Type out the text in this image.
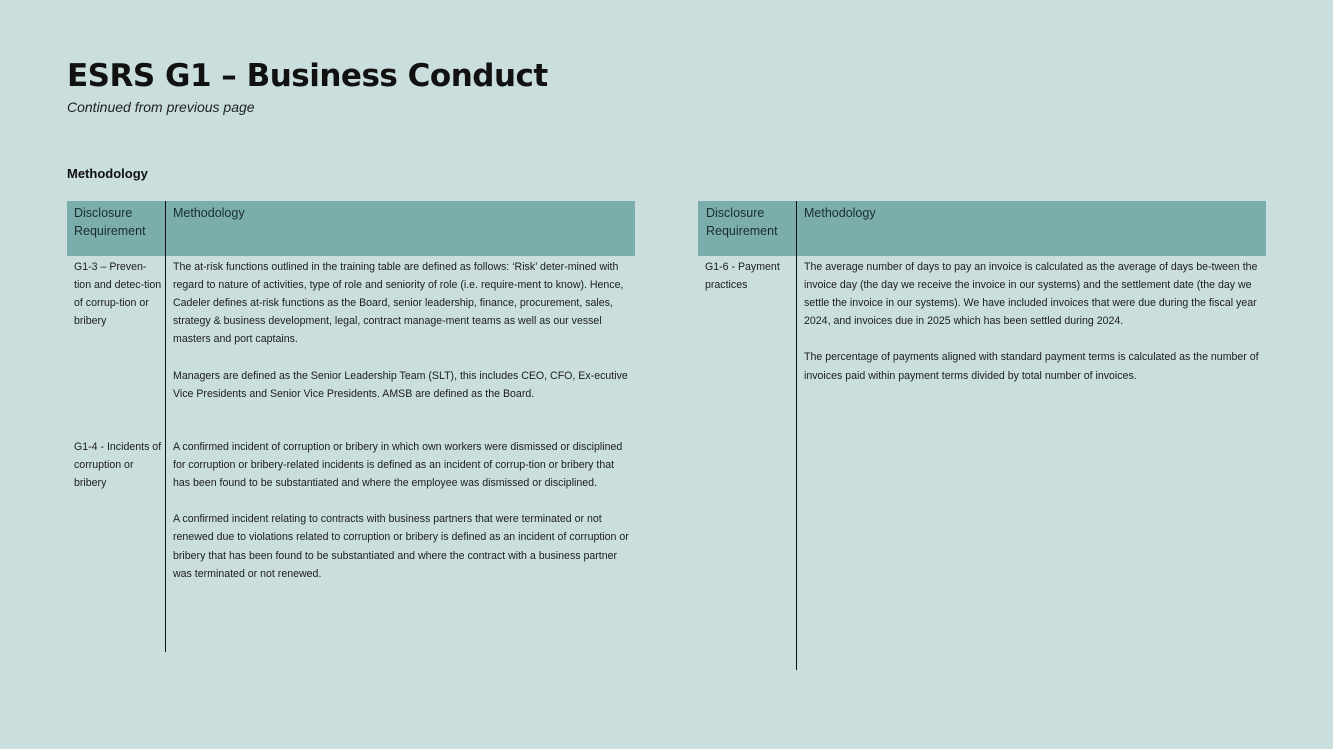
ESRS G1 – Business Conduct
Continued from previous page
Methodology
Disclosure Requirement
Methodology
G1-3 – Preven-tion and detec-tion of corrup-tion or bribery

The at-risk functions outlined in the training table are defined as follows: ‘Risk’ deter-mined with regard to nature of activities, type of role and seniority of role (i.e. require-ment to know). Hence, Cadeler defines at-risk functions as the Board, senior leadership, finance, procurement, sales, strategy & business development, legal, contract manage-ment teams as well as our vessel masters and port captains.

Managers are defined as the Senior Leadership Team (SLT), this includes CEO, CFO, Ex-ecutive Vice Presidents and Senior Vice Presidents. AMSB are defined as the Board.

G1-4 - Incidents of corruption or bribery

A confirmed incident of corruption or bribery in which own workers were dismissed or disciplined for corruption or bribery-related incidents is defined as an incident of corrup-tion or bribery that has been found to be substantiated and where the employee was dismissed or disciplined.

A confirmed incident relating to contracts with business partners that were terminated or not renewed due to violations related to corruption or bribery is defined as an incident of corruption or bribery that has been found to be substantiated and where the contract with a business partner was terminated or not renewed.

Disclosure Requirement
Methodology
G1-6 - Payment practices

The average number of days to pay an invoice is calculated as the average of days be-tween the invoice day (the day we receive the invoice in our systems) and the settlement date (the day we settle the invoice in our systems). We have included invoices that were due during the fiscal year 2024, and invoices due in 2025 which has been settled during 2024.

The percentage of payments aligned with standard payment terms is calculated as the number of invoices paid within payment terms divided by total number of invoices.
